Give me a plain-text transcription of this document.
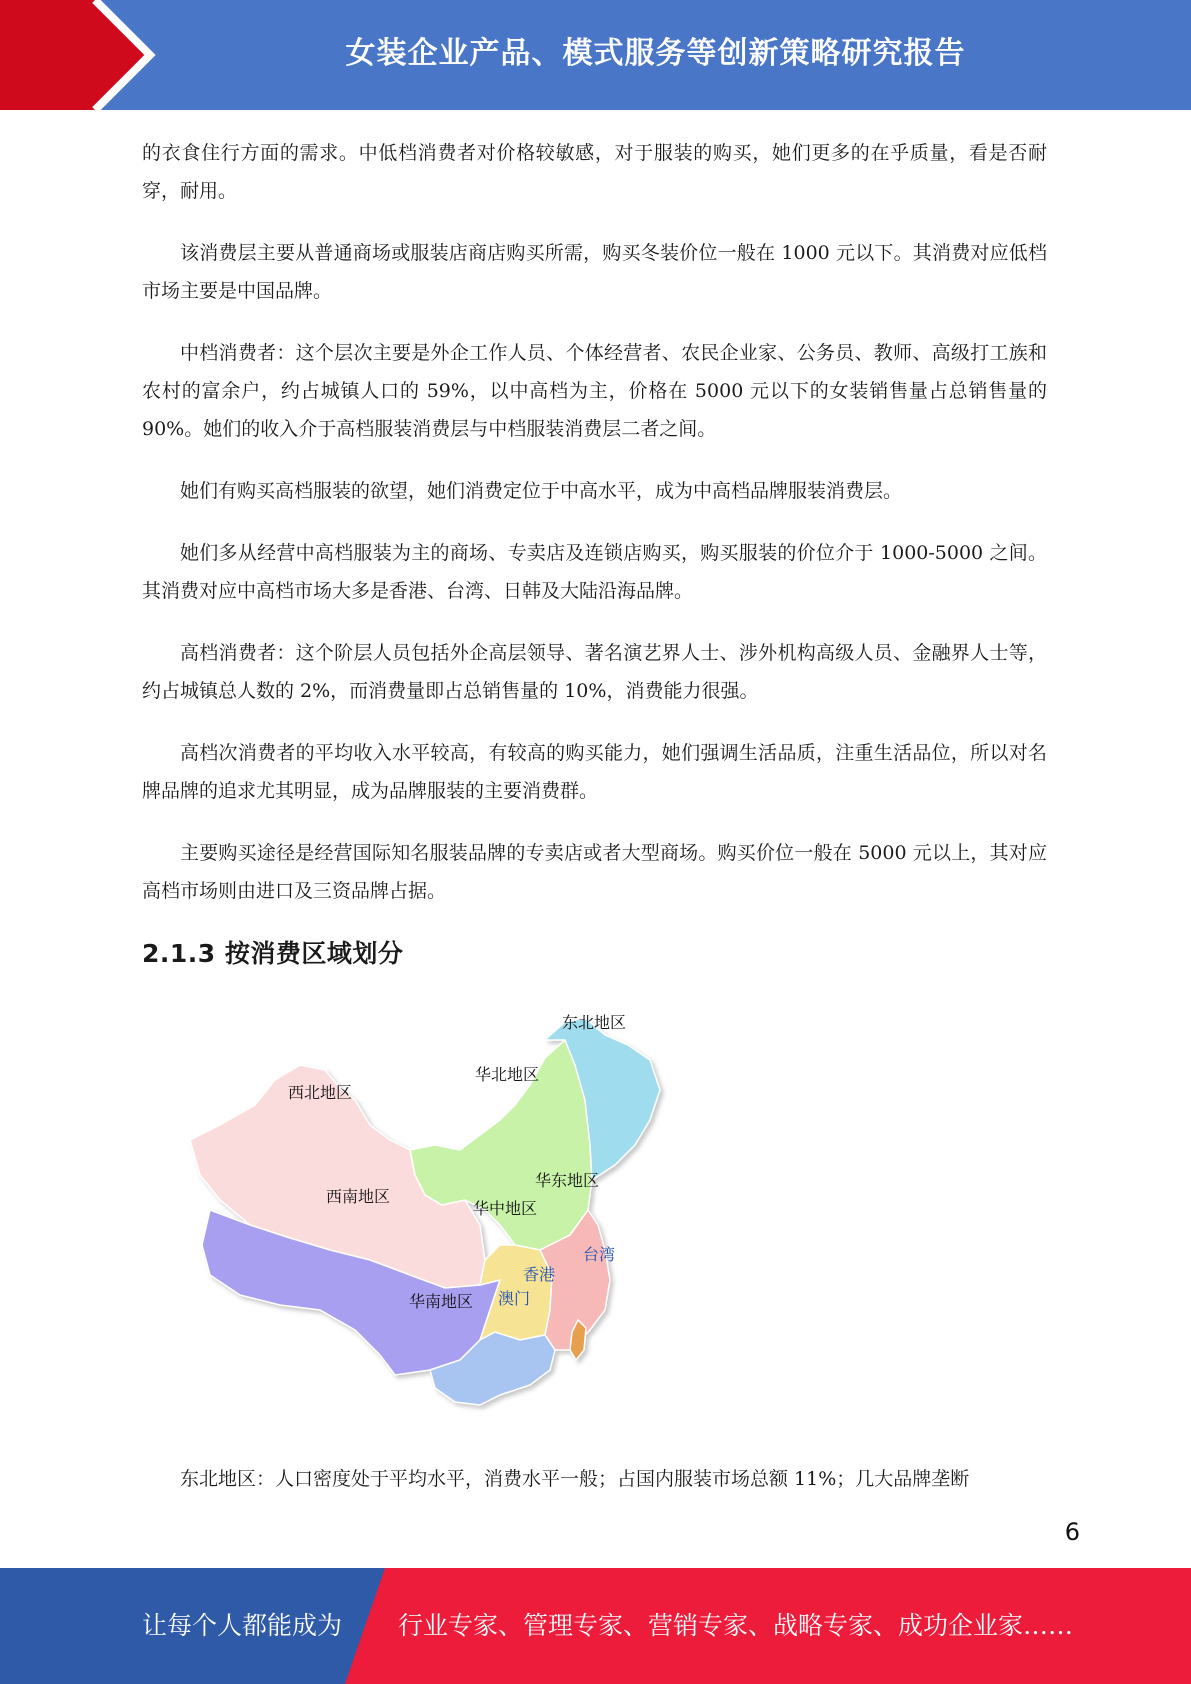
女装企业产品、模式服务等创新策略研究报告

的衣食住行方面的需求。中低档消费者对价格较敏感，对于服装的购买，她们更多的在乎质量，看是否耐穿，耐用。

该消费层主要从普通商场或服装店商店购买所需，购买冬装价位一般在 1000 元以下。其消费对应低档市场主要是中国品牌。

中档消费者：这个层次主要是外企工作人员、个体经营者、农民企业家、公务员、教师、高级打工族和农村的富余户，约占城镇人口的 59%，以中高档为主，价格在 5000 元以下的女装销售量占总销售量的 90%。她们的收入介于高档服装消费层与中档服装消费层二者之间。

她们有购买高档服装的欲望，她们消费定位于中高水平，成为中高档品牌服装消费层。

她们多从经营中高档服装为主的商场、专卖店及连锁店购买，购买服装的价位介于 1000-5000 之间。其消费对应中高档市场大多是香港、台湾、日韩及大陆沿海品牌。

高档消费者：这个阶层人员包括外企高层领导、著名演艺界人士、涉外机构高级人员、金融界人士等，约占城镇总人数的 2%，而消费量即占总销售量的 10%，消费能力很强。

高档次消费者的平均收入水平较高，有较高的购买能力，她们强调生活品质，注重生活品位，所以对名牌品牌的追求尤其明显，成为品牌服装的主要消费群。

主要购买途径是经营国际知名服装品牌的专卖店或者大型商场。购买价位一般在 5000 元以上，其对应高档市场则由进口及三资品牌占据。

2.1.3 按消费区域划分
东北地区
华北地区
西北地区
华东地区
西南地区
华中地区
台湾
香港
华南地区 澳门

东北地区：人口密度处于平均水平，消费水平一般；占国内服装市场总额 11%；几大品牌垄断

6
让每个人都能成为 行业专家、管理专家、营销专家、战略专家、成功企业家……
